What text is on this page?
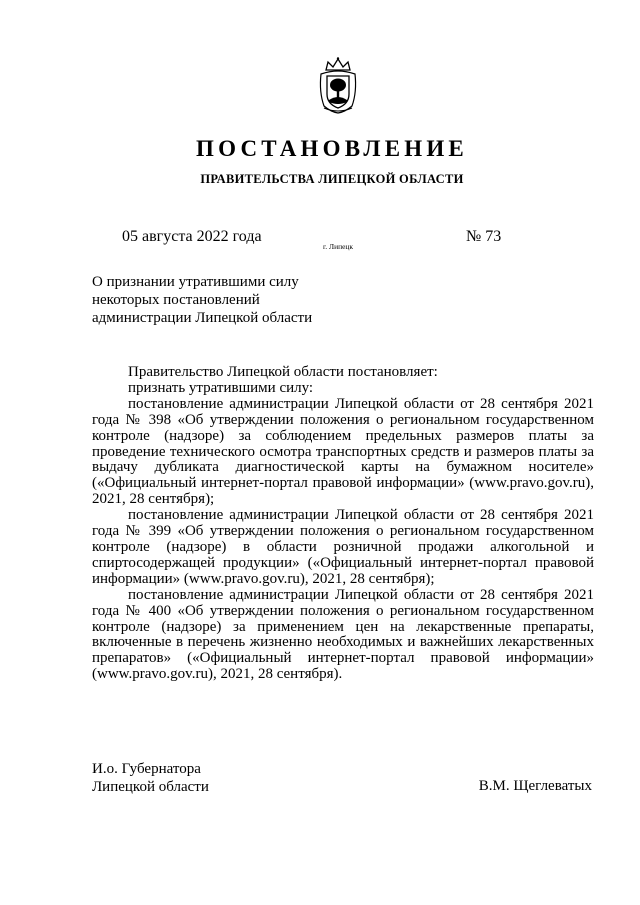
ПОСТАНОВЛЕНИЕ
ПРАВИТЕЛЬСТВА ЛИПЕЦКОЙ ОБЛАСТИ
05 августа 2022 года
г. Липецк
№ 73
О признании утратившими силу
некоторых постановлений
администрации Липецкой области
Правительство Липецкой области постановляет:
признать утратившими силу:
постановление администрации Липецкой области от 28 сентября 2021
года № 398 «Об утверждении положения о региональном государственном
контроле (надзоре) за соблюдением предельных размеров платы за
проведение технического осмотра транспортных средств и размеров платы за
выдачу дубликата диагностической карты на бумажном носителе»
(«Официальный интернет-портал правовой информации» (www.pravo.gov.ru),
2021, 28 сентября);
постановление администрации Липецкой области от 28 сентября 2021
года № 399 «Об утверждении положения о региональном государственном
контроле (надзоре) в области розничной продажи алкогольной и
спиртосодержащей продукции» («Официальный интернет-портал правовой
информации» (www.pravo.gov.ru), 2021, 28 сентября);
постановление администрации Липецкой области от 28 сентября 2021
года № 400 «Об утверждении положения о региональном государственном
контроле (надзоре) за применением цен на лекарственные препараты,
включенные в перечень жизненно необходимых и важнейших лекарственных
препаратов» («Официальный интернет-портал правовой информации»
(www.pravo.gov.ru), 2021, 28 сентября).
И.о. Губернатора
Липецкой области	В.М. Щеглеватых
